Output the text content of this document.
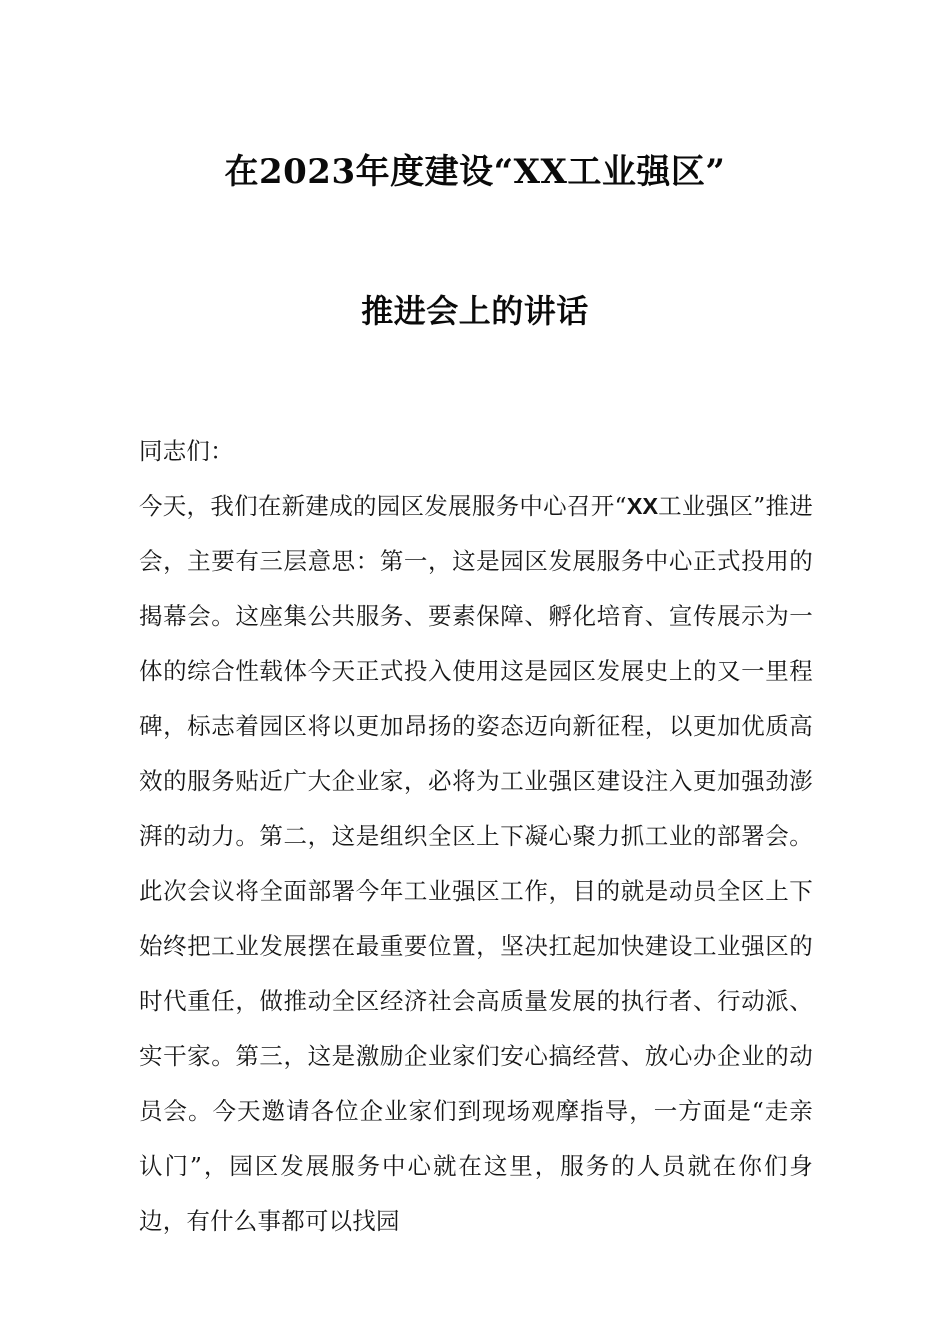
在2023年度建设“XX工业强区”
推进会上的讲话
同志们：
今天，我们在新建成的园区发展服务中心召开“XX工业强区”推进会，主要有三层意思：第一，这是园区发展服务中心正式投用的揭幕会。这座集公共服务、要素保障、孵化培育、宣传展示为一体的综合性载体今天正式投入使用这是园区发展史上的又一里程碑，标志着园区将以更加昂扬的姿态迈向新征程，以更加优质高效的服务贴近广大企业家，必将为工业强区建设注入更加强劲澎湃的动力。第二，这是组织全区上下凝心聚力抓工业的部署会。此次会议将全面部署今年工业强区工作，目的就是动员全区上下始终把工业发展摆在最重要位置，坚决扛起加快建设工业强区的时代重任，做推动全区经济社会高质量发展的执行者、行动派、实干家。第三，这是激励企业家们安心搞经营、放心办企业的动员会。今天邀请各位企业家们到现场观摩指导，一方面是“走亲认门”，园区发展服务中心就在这里，服务的人员就在你们身边，有什么事都可以找园
